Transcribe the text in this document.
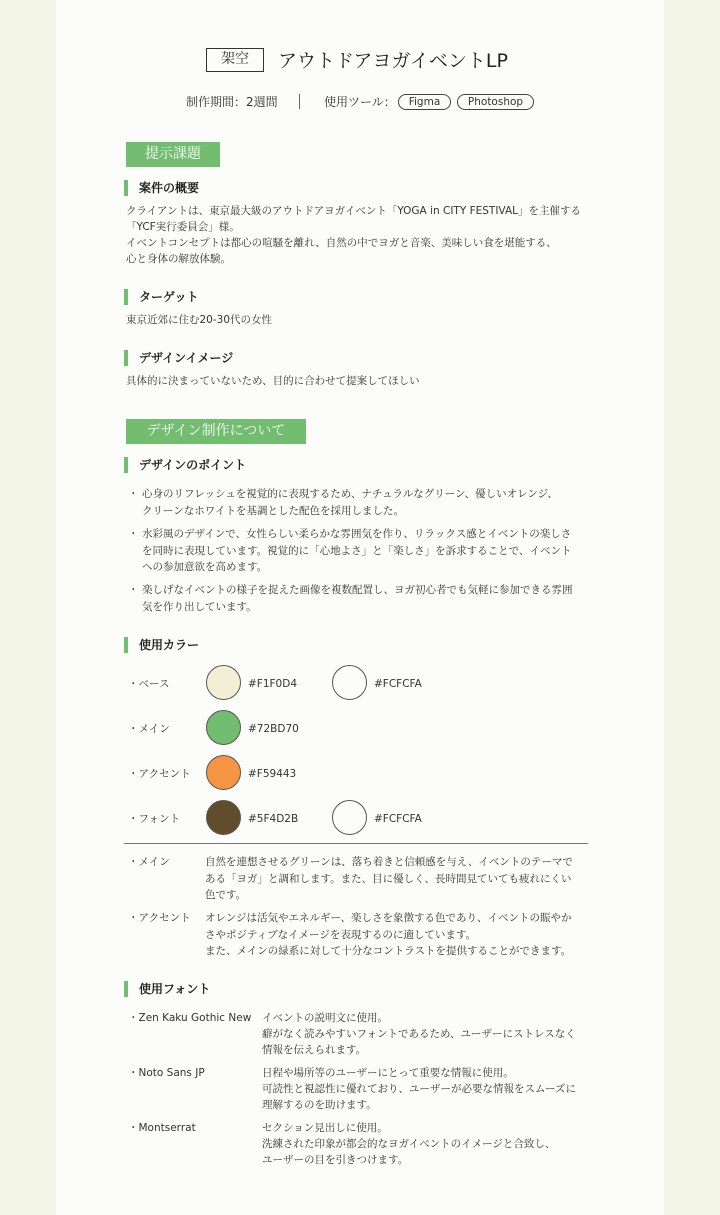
架空	アウトドアヨガイベントLP
制作期間：2週間	使用ツール：	Figma	Photoshop
提示課題
案件の概要
クライアントは、東京最大級のアウトドアヨガイベント「YOGA in CITY FESTIVAL」を主催する
「YCF実行委員会」様。
イベントコンセプトは都心の喧騒を離れ、自然の中でヨガと音楽、美味しい食を堪能する、
心と身体の解放体験。
ターゲット
東京近郊に住む20-30代の女性
デザインイメージ
具体的に決まっていないため、目的に合わせて提案してほしい
デザイン制作について
デザインのポイント
・ 心身のリフレッシュを視覚的に表現するため、ナチュラルなグリーン、優しいオレンジ、
クリーンなホワイトを基調とした配色を採用しました。
・ 水彩風のデザインで、女性らしい柔らかな雰囲気を作り、リラックス感とイベントの楽しさ
を同時に表現しています。視覚的に「心地よさ」と「楽しさ」を訴求することで、イベント
への参加意欲を高めます。
・ 楽しげなイベントの様子を捉えた画像を複数配置し、ヨガ初心者でも気軽に参加できる雰囲
気を作り出しています。
使用カラー
・ベース	#F1F0D4	#FCFCFA
・メイン	#72BD70
・アクセント	#F59443
・フォント	#5F4D2B	#FCFCFA
・メイン	自然を連想させるグリーンは、落ち着きと信頼感を与え、イベントのテーマで
ある「ヨガ」と調和します。また、目に優しく、長時間見ていても疲れにくい
色です。
・アクセント オレンジは活気やエネルギー、楽しさを象徴する色であり、イベントの賑やか
さやポジティブなイメージを表現するのに適しています。
また、メインの緑系に対して十分なコントラストを提供することができます。
使用フォント
・Zen Kaku Gothic New イベントの説明文に使用。
癖がなく読みやすいフォントであるため、ユーザーにストレスなく
情報を伝えられます。
・Noto Sans JP	日程や場所等のユーザーにとって重要な情報に使用。
可読性と視認性に優れており、ユーザーが必要な情報をスムーズに
理解するのを助けます。
・Montserrat	セクション見出しに使用。
洗練された印象が都会的なヨガイベントのイメージと合致し、
ユーザーの目を引きつけます。
